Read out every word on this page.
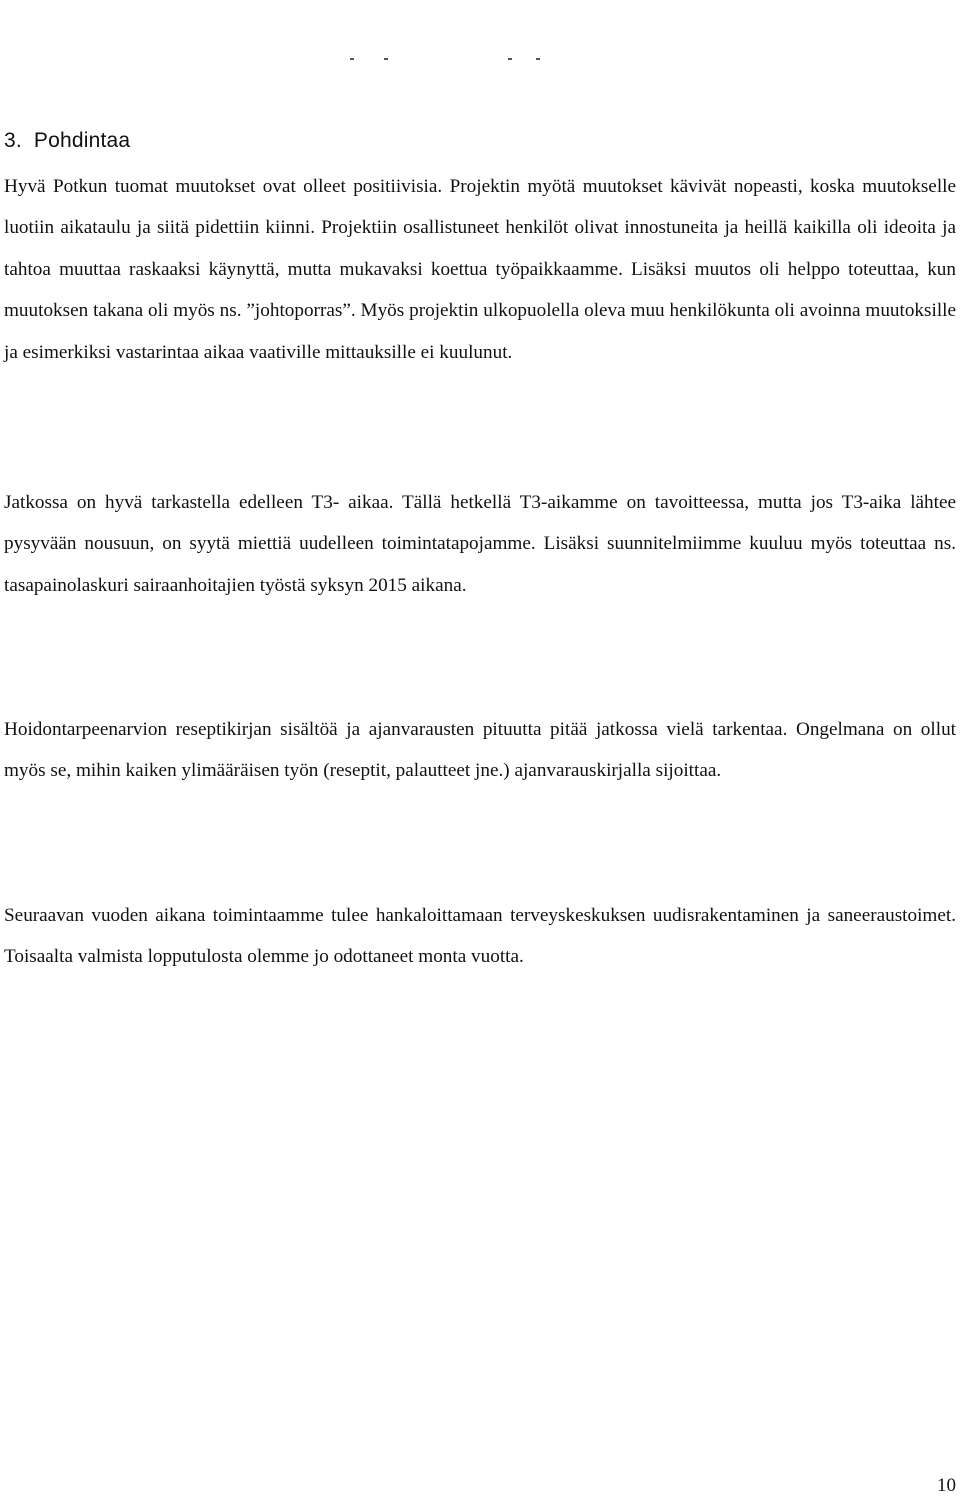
3. Pohdintaa

Hyvä Potkun tuomat muutokset ovat olleet positiivisia. Projektin myötä muutokset kävivät nopeasti, koska muutokselle luotiin aikataulu ja siitä pidettiin kiinni. Projektiin osallistuneet henkilöt olivat innostuneita ja heillä kaikilla oli ideoita ja tahtoa muuttaa raskaaksi käynyttä, mutta mukavaksi koettua työpaikkaamme. Lisäksi muutos oli helppo toteuttaa, kun muutoksen takana oli myös ns. ”johtoporras”. Myös projektin ulkopuolella oleva muu henkilökunta oli avoinna muutoksille ja esimerkiksi vastarintaa aikaa vaativille mittauksille ei kuulunut.

Jatkossa on hyvä tarkastella edelleen T3- aikaa. Tällä hetkellä T3-aikamme on tavoitteessa, mutta jos T3-aika lähtee pysyvään nousuun, on syytä miettiä uudelleen toimintatapojamme. Lisäksi suunnitelmiimme kuuluu myös toteuttaa ns. tasapainolaskuri sairaanhoitajien työstä syksyn 2015 aikana.

Hoidontarpeenarvion reseptikirjan sisältöä ja ajanvarausten pituutta pitää jatkossa vielä tarkentaa. Ongelmana on ollut myös se, mihin kaiken ylimääräisen työn (reseptit, palautteet jne.) ajanvarauskirjalla sijoittaa.

Seuraavan vuoden aikana toimintaamme tulee hankaloittamaan terveyskeskuksen uudisrakentaminen ja saneeraustoimet. Toisaalta valmista lopputulosta olemme jo odottaneet monta vuotta.

10
